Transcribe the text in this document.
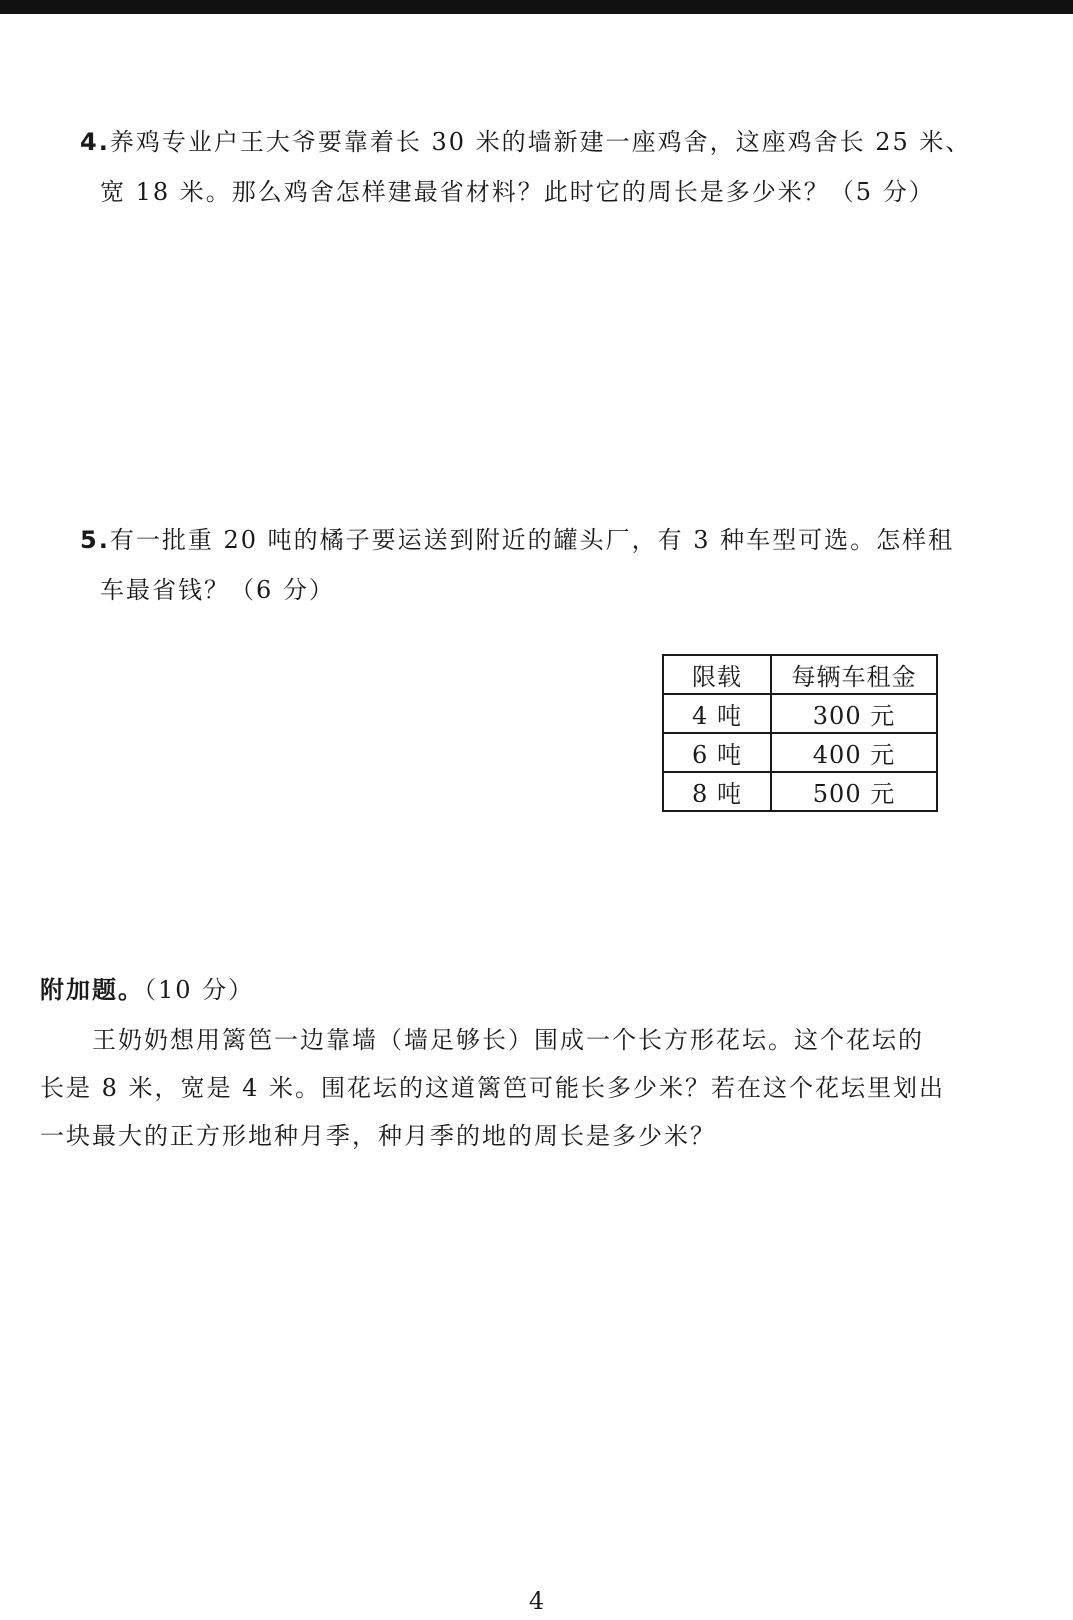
4.养鸡专业户王大爷要靠着长 30 米的墙新建一座鸡舍，这座鸡舍长 25 米、
宽 18 米。那么鸡舍怎样建最省材料？此时它的周长是多少米？（5 分）
5.有一批重 20 吨的橘子要运送到附近的罐头厂，有 3 种车型可选。怎样租
车最省钱？（6 分）
限载	每辆车租金
4 吨	300 元
6 吨	400 元
8 吨	500 元
附加题。（10 分）
王奶奶想用篱笆一边靠墙（墙足够长）围成一个长方形花坛。这个花坛的
长是 8 米，宽是 4 米。围花坛的这道篱笆可能长多少米？若在这个花坛里划出
一块最大的正方形地种月季，种月季的地的周长是多少米？
4
